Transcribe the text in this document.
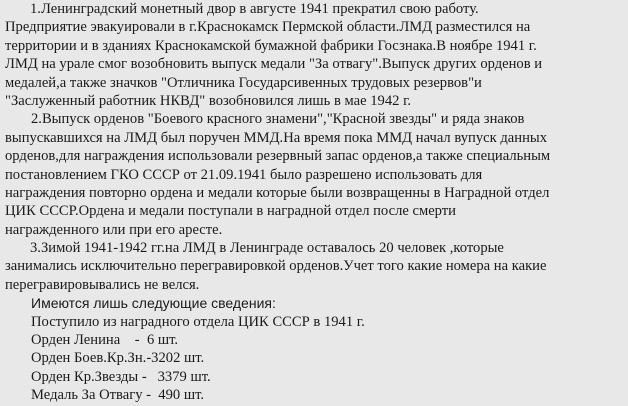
1.Ленинградский монетный двор в августе 1941 прекратил свою работу.
Предприятие эвакуировали в г.Краснокамск Пермской области.ЛМД разместился на
территории и в зданиях Краснокамской бумажной фабрики Госзнака.В ноябре 1941 г.
ЛМД на урале смог возобновить выпуск медали "За отвагу".Выпуск других орденов и
медалей,а также значков "Отличника Государсивенных трудовых резервов"и
"Заслуженный работник НКВД" возобновился лишь в мае 1942 г.
2.Выпуск орденов "Боевого красного знамени","Красной звезды" и ряда знаков
выпускавшихся на ЛМД был поручен ММД.На время пока ММД начал вупуск данных
орденов,для награждения использовали резервный запас орденов,а также специальным
постановлением ГКО СССР от 21.09.1941 было разрешено использовать для
награждения повторно ордена и медали которые были возвращенны в Наградной отдел
ЦИК СССР.Ордена и медали поступали в наградной отдел после смерти
награжденного или при его аресте.
3.Зимой 1941-1942 гг.на ЛМД в Ленинграде оставалось 20 человек ,которые
занимались исключительно перегравировкой орденов.Учет того какие номера на какие
перегравировывались не велся.
Имеются лишь следующие сведения:
Поступило из наградного отдела ЦИК СССР в 1941 г.
Орден Ленина    -  6 шт.
Орден Боев.Кр.Зн.-3202 шт.
Орден Кр.Звезды -   3379 шт.
Медаль За Отвагу -  490 шт.
